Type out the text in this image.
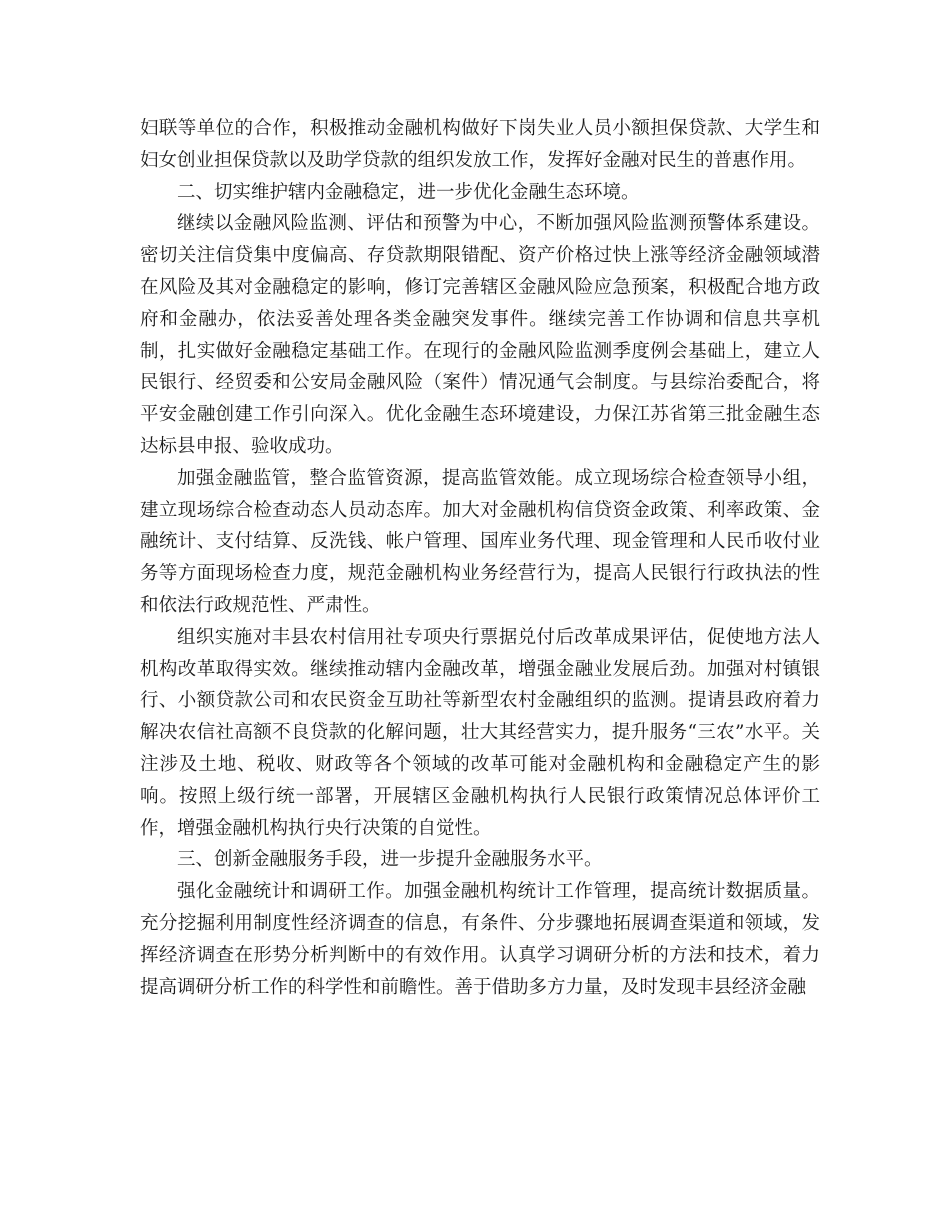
妇联等单位的合作，积极推动金融机构做好下岗失业人员小额担保贷款、大学生和妇女创业担保贷款以及助学贷款的组织发放工作，发挥好金融对民生的普惠作用。

二、切实维护辖内金融稳定，进一步优化金融生态环境。

继续以金融风险监测、评估和预警为中心，不断加强风险监测预警体系建设。密切关注信贷集中度偏高、存贷款期限错配、资产价格过快上涨等经济金融领域潜在风险及其对金融稳定的影响，修订完善辖区金融风险应急预案，积极配合地方政府和金融办，依法妥善处理各类金融突发事件。继续完善工作协调和信息共享机制，扎实做好金融稳定基础工作。在现行的金融风险监测季度例会基础上，建立人民银行、经贸委和公安局金融风险（案件）情况通气会制度。与县综治委配合，将平安金融创建工作引向深入。优化金融生态环境建设，力保江苏省第三批金融生态达标县申报、验收成功。

加强金融监管，整合监管资源，提高监管效能。成立现场综合检查领导小组，建立现场综合检查动态人员动态库。加大对金融机构信贷资金政策、利率政策、金融统计、支付结算、反洗钱、帐户管理、国库业务代理、现金管理和人民币收付业务等方面现场检查力度，规范金融机构业务经营行为，提高人民银行行政执法的性和依法行政规范性、严肃性。

组织实施对丰县农村信用社专项央行票据兑付后改革成果评估，促使地方法人机构改革取得实效。继续推动辖内金融改革，增强金融业发展后劲。加强对村镇银行、小额贷款公司和农民资金互助社等新型农村金融组织的监测。提请县政府着力解决农信社高额不良贷款的化解问题，壮大其经营实力，提升服务“三农”水平。关注涉及土地、税收、财政等各个领域的改革可能对金融机构和金融稳定产生的影响。按照上级行统一部署，开展辖区金融机构执行人民银行政策情况总体评价工作，增强金融机构执行央行决策的自觉性。

三、创新金融服务手段，进一步提升金融服务水平。

强化金融统计和调研工作。加强金融机构统计工作管理，提高统计数据质量。充分挖掘利用制度性经济调查的信息，有条件、分步骤地拓展调查渠道和领域，发挥经济调查在形势分析判断中的有效作用。认真学习调研分析的方法和技术，着力提高调研分析工作的科学性和前瞻性。善于借助多方力量，及时发现丰县经济金融
